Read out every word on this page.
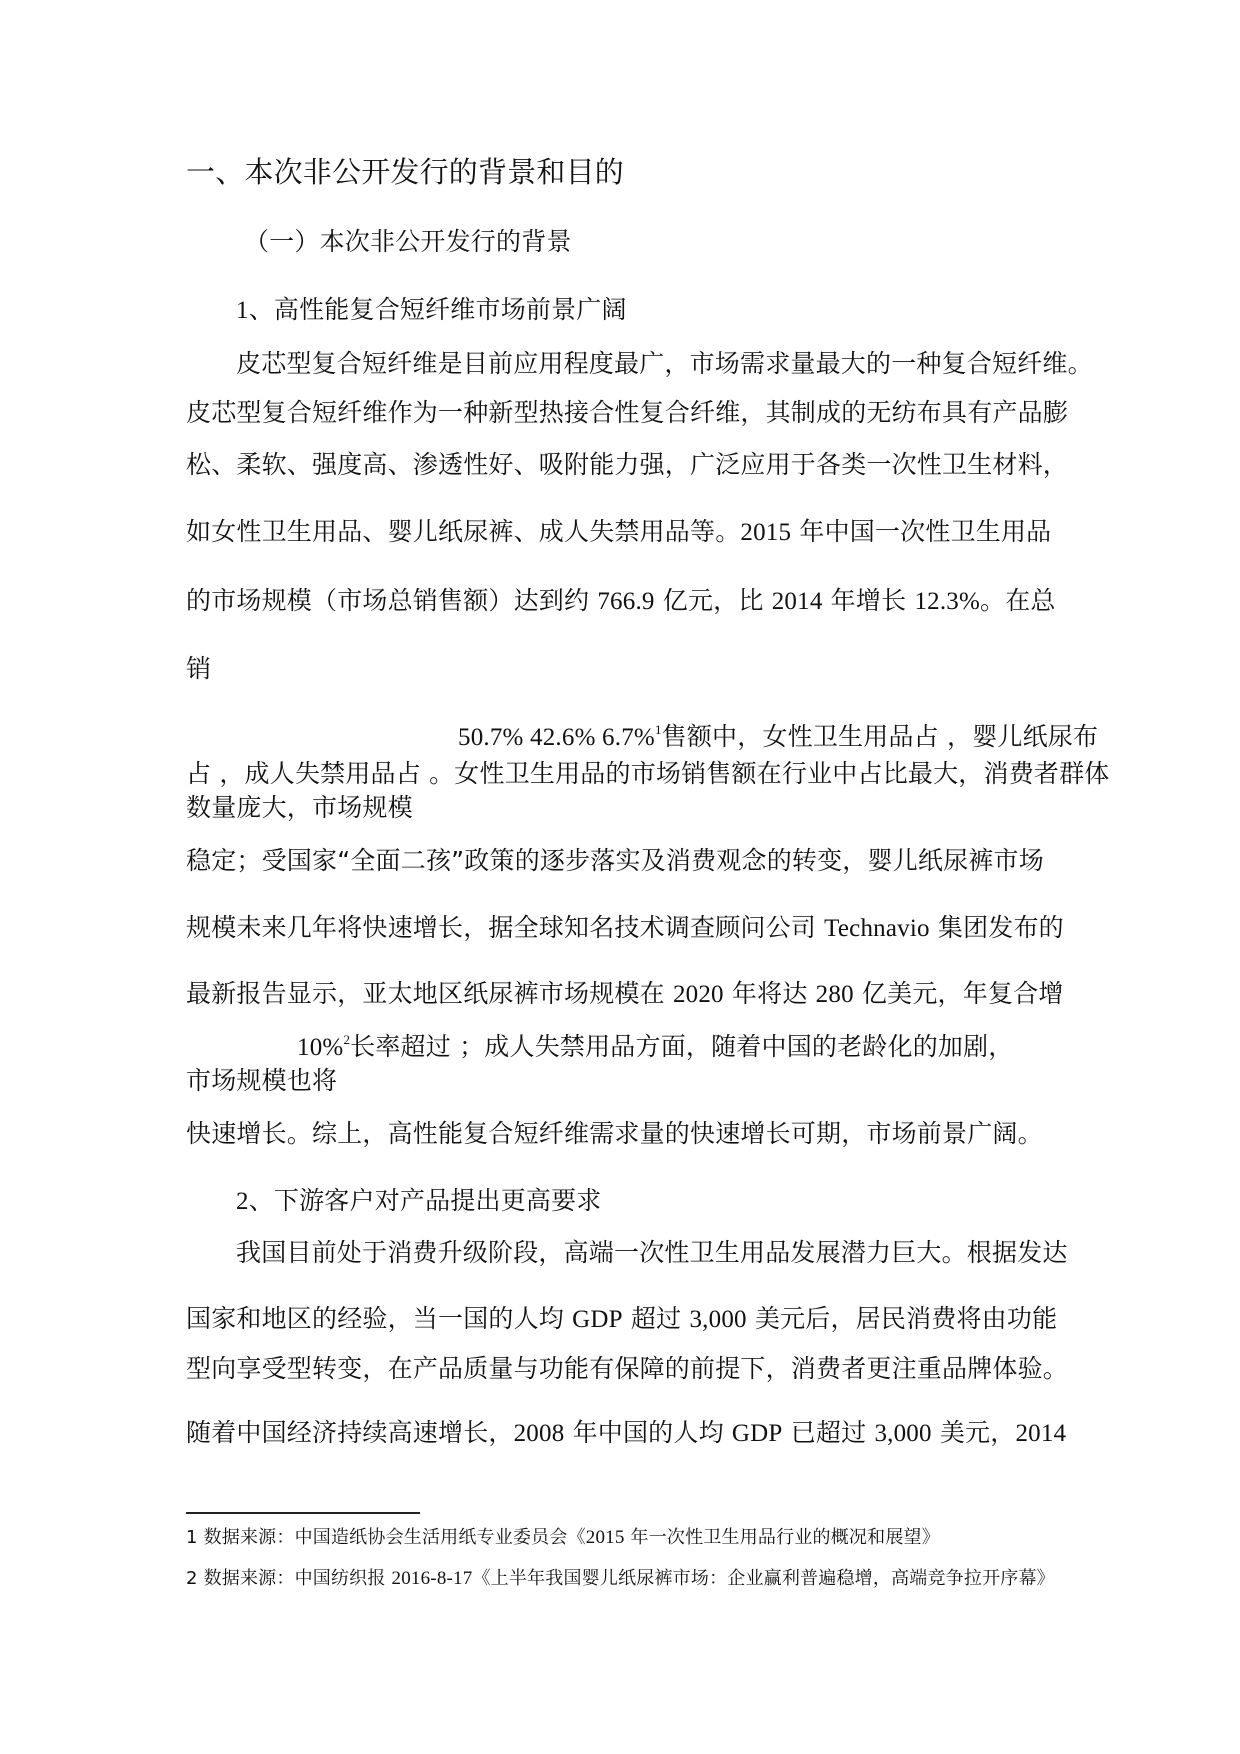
一、本次非公开发行的背景和目的
（一）本次非公开发行的背景
1、高性能复合短纤维市场前景广阔
皮芯型复合短纤维是目前应用程度最广，市场需求量最大的一种复合短纤维。
皮芯型复合短纤维作为一种新型热接合性复合纤维，其制成的无纺布具有产品膨
松、柔软、强度高、渗透性好、吸附能力强，广泛应用于各类一次性卫生材料，
如女性卫生用品、婴儿纸尿裤、成人失禁用品等。2015 年中国一次性卫生用品
的市场规模（市场总销售额）达到约 766.9 亿元，比 2014 年增长 12.3%。在总
销
50.7% 42.6% 6.7%$^1$售额中，女性卫生用品占 ，婴儿纸尿布
占 ，成人失禁用品占 。女性卫生用品的市场销售额在行业中占比最大，消费者群体
数量庞大，市场规模
稳定；受国家“全面二孩”政策的逐步落实及消费观念的转变，婴儿纸尿裤市场
规模未来几年将快速增长，据全球知名技术调查顾问公司 Technavio 集团发布的
最新报告显示，亚太地区纸尿裤市场规模在 2020 年将达 280 亿美元，年复合增
10%$^2$长率超过 ；成人失禁用品方面，随着中国的老龄化的加剧，
市场规模也将
快速增长。综上，高性能复合短纤维需求量的快速增长可期，市场前景广阔。
2、下游客户对产品提出更高要求
我国目前处于消费升级阶段，高端一次性卫生用品发展潜力巨大。根据发达
国家和地区的经验，当一国的人均 GDP 超过 3,000 美元后，居民消费将由功能
型向享受型转变，在产品质量与功能有保障的前提下，消费者更注重品牌体验。
随着中国经济持续高速增长，2008 年中国的人均 GDP 已超过 3,000 美元，2014
1 数据来源：中国造纸协会生活用纸专业委员会《2015 年一次性卫生用品行业的概况和展望》
2 数据来源：中国纺织报 2016-8-17《上半年我国婴儿纸尿裤市场：企业赢利普遍稳增，高端竞争拉开序幕》
